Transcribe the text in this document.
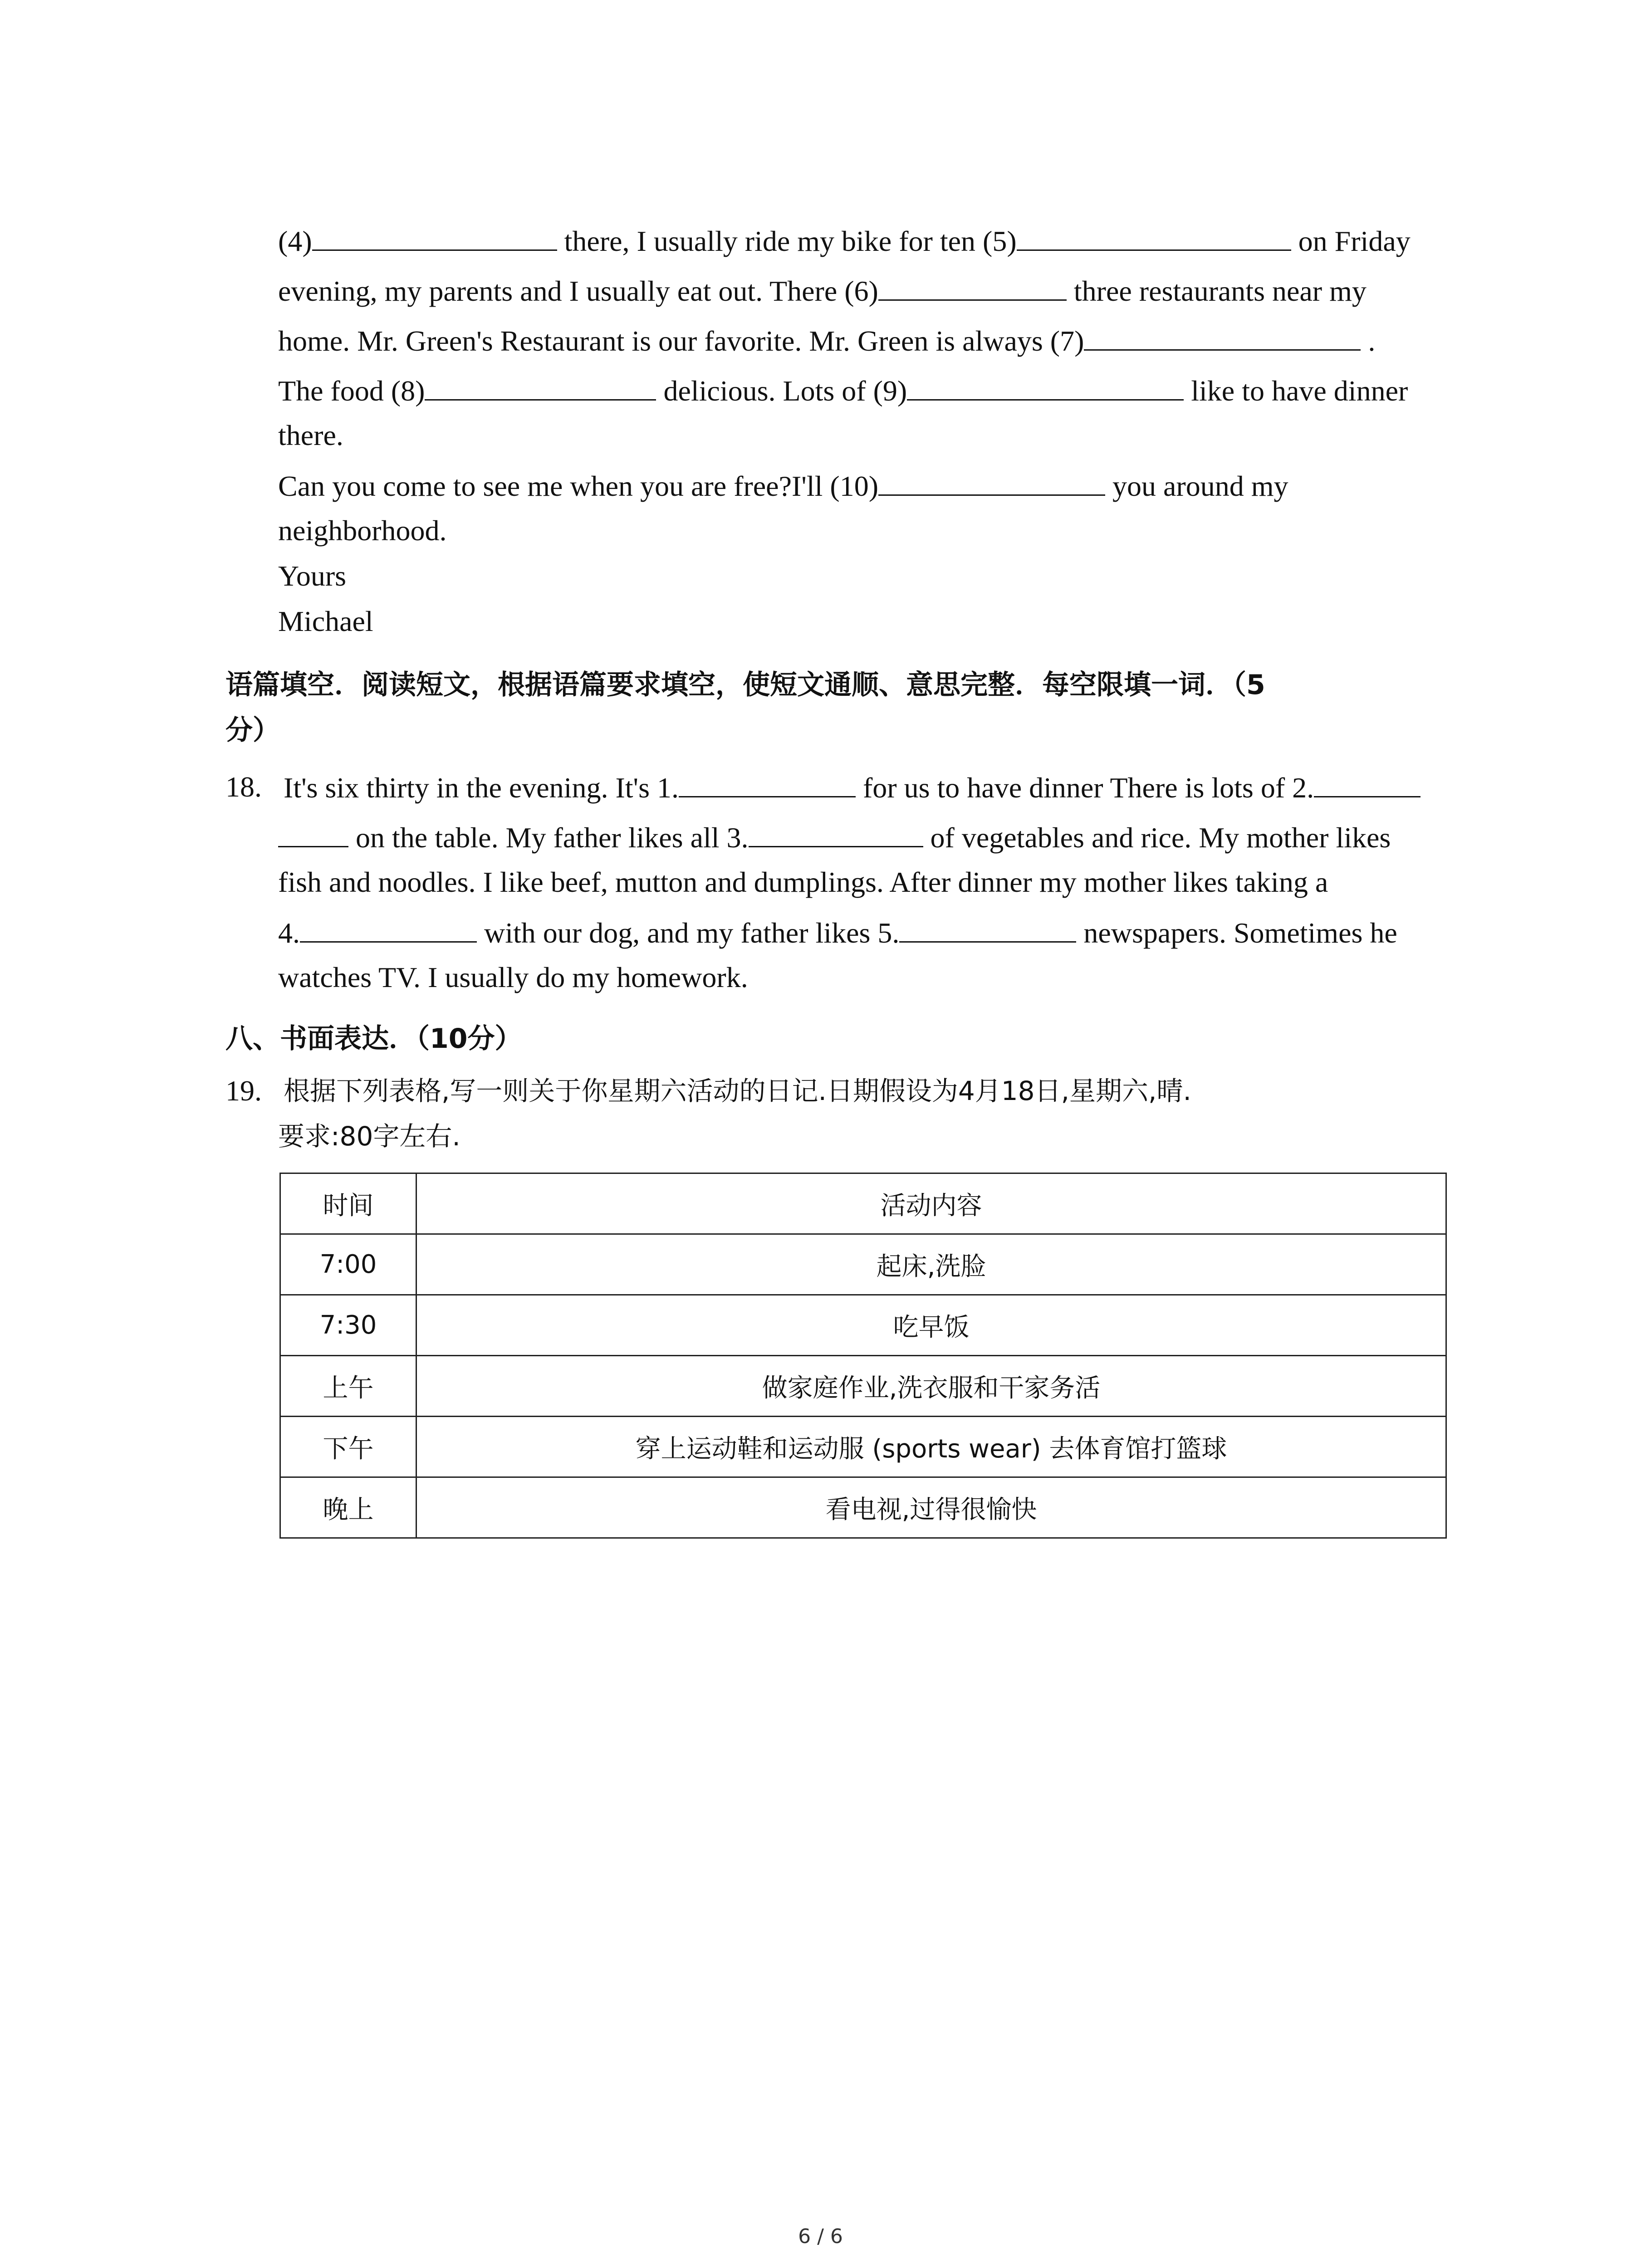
(4)	there, I usually ride my bike for ten (5)	on Friday
evening, my parents and I usually eat out. There (6)	three restaurants near my
home. Mr. Green's Restaurant is our favorite. Mr. Green is always (7)	.
The food (8)	delicious. Lots of (9)	like to have dinner
there.
Can you come to see me when you are free?I'll (10)	you around my
neighborhood.
Yours
Michael
语篇填空．阅读短文，根据语篇要求填空，使短文通顺、意思完整．每空限填一词．（5
分）
18. It's six thirty in the evening. It's 1.	for us to have dinner There is lots of 2.
on the table. My father likes all 3.	of vegetables and rice. My mother likes
fish and noodles. I like beef, mutton and dumplings. After dinner my mother likes taking a
4.	with our dog, and my father likes 5.	newspapers. Sometimes he
watches TV. I usually do my homework.
八、书面表达．（10分）
19. 根据下列表格,写一则关于你星期六活动的日记.日期假设为4月18日,星期六,晴.
要求:80字左右.
时间	活动内容
7:00	起床,洗脸
7:30	吃早饭
上午	做家庭作业,洗衣服和干家务活
下午	穿上运动鞋和运动服 (sports wear) 去体育馆打篮球
晚上	看电视,过得很愉快
6 / 6
